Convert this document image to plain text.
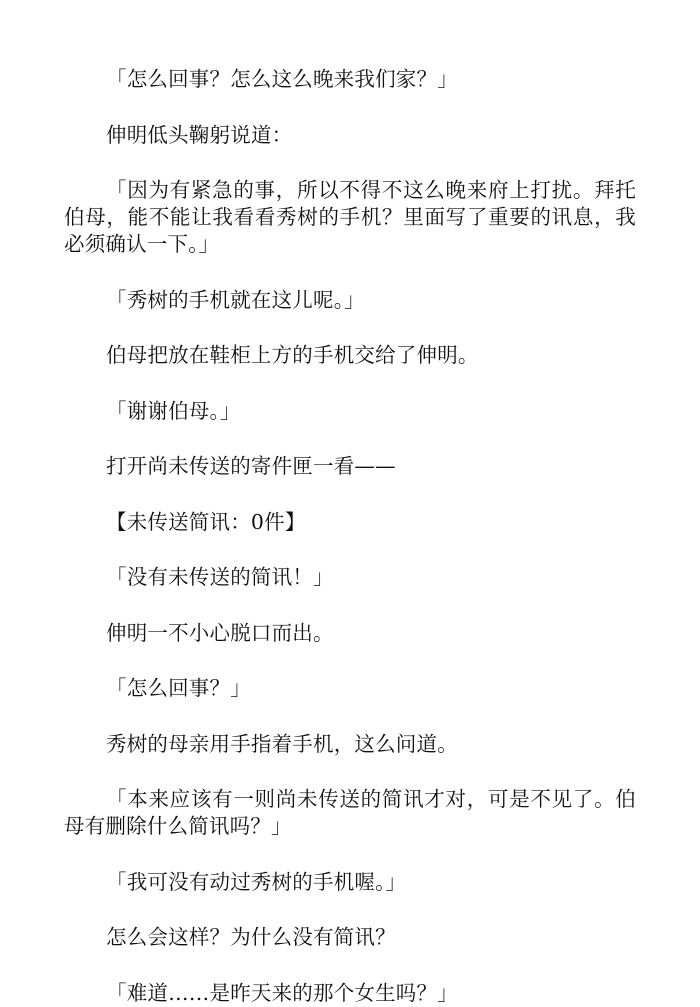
「怎么回事？怎么这么晚来我们家？」

伸明低头鞠躬说道：

「因为有紧急的事，所以不得不这么晚来府上打扰。拜托伯母，能不能让我看看秀树的手机？里面写了重要的讯息，我必须确认一下。」

「秀树的手机就在这儿呢。」

伯母把放在鞋柜上方的手机交给了伸明。

「谢谢伯母。」

打开尚未传送的寄件匣一看——

【未传送简讯：0件】

「没有未传送的简讯！」

伸明一不小心脱口而出。

「怎么回事？」

秀树的母亲用手指着手机，这么问道。

「本来应该有一则尚未传送的简讯才对，可是不见了。伯母有删除什么简讯吗？」

「我可没有动过秀树的手机喔。」

怎么会这样？为什么没有简讯？

「难道……是昨天来的那个女生吗？」
